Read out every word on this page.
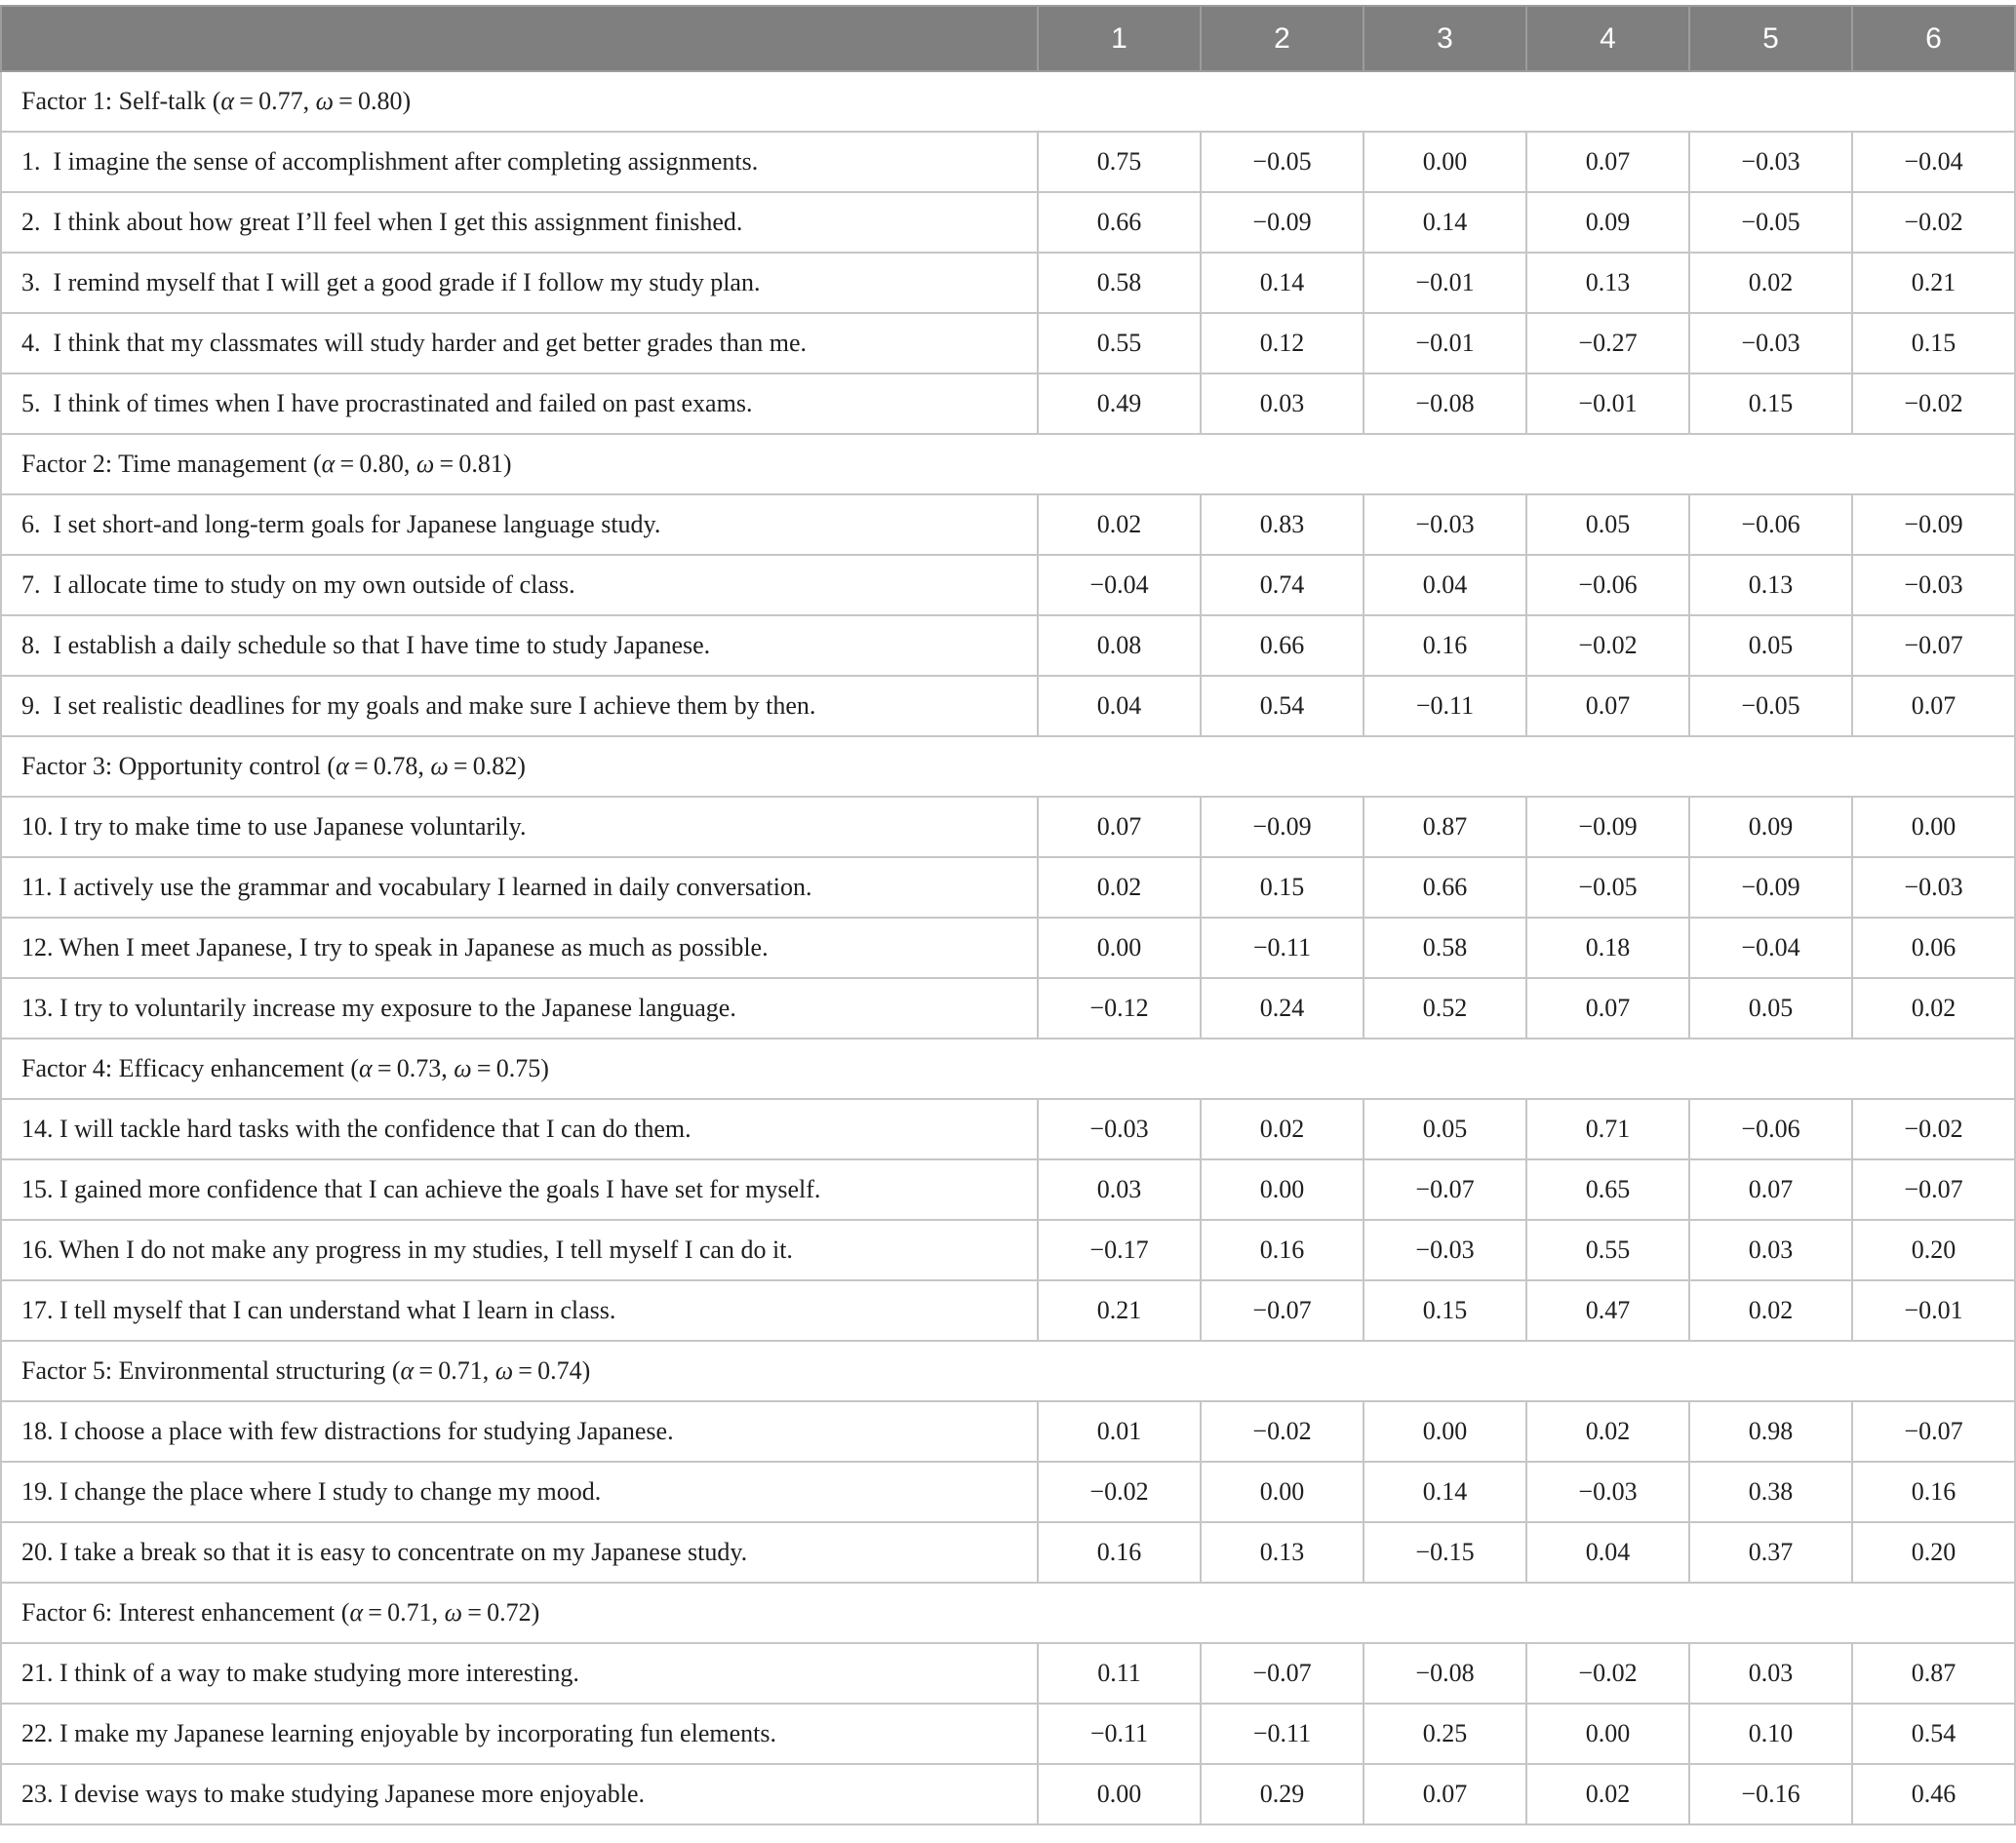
	1	2	3	4	5	6
Factor 1: Self-talk (α = 0.77, ω = 0.80)						
1.  I imagine the sense of accomplishment after completing assignments.	0.75	−0.05	0.00	0.07	−0.03	−0.04
2.  I think about how great I’ll feel when I get this assignment finished.	0.66	−0.09	0.14	0.09	−0.05	−0.02
3.  I remind myself that I will get a good grade if I follow my study plan.	0.58	0.14	−0.01	0.13	0.02	0.21
4.  I think that my classmates will study harder and get better grades than me.	0.55	0.12	−0.01	−0.27	−0.03	0.15
5.  I think of times when I have procrastinated and failed on past exams.	0.49	0.03	−0.08	−0.01	0.15	−0.02
Factor 2: Time management (α = 0.80, ω = 0.81)						
6.  I set short-and long-term goals for Japanese language study.	0.02	0.83	−0.03	0.05	−0.06	−0.09
7.  I allocate time to study on my own outside of class.	−0.04	0.74	0.04	−0.06	0.13	−0.03
8.  I establish a daily schedule so that I have time to study Japanese.	0.08	0.66	0.16	−0.02	0.05	−0.07
9.  I set realistic deadlines for my goals and make sure I achieve them by then.	0.04	0.54	−0.11	0.07	−0.05	0.07
Factor 3: Opportunity control (α = 0.78, ω = 0.82)						
10. I try to make time to use Japanese voluntarily.	0.07	−0.09	0.87	−0.09	0.09	0.00
11. I actively use the grammar and vocabulary I learned in daily conversation.	0.02	0.15	0.66	−0.05	−0.09	−0.03
12. When I meet Japanese, I try to speak in Japanese as much as possible.	0.00	−0.11	0.58	0.18	−0.04	0.06
13. I try to voluntarily increase my exposure to the Japanese language.	−0.12	0.24	0.52	0.07	0.05	0.02
Factor 4: Efficacy enhancement (α = 0.73, ω = 0.75)						
14. I will tackle hard tasks with the confidence that I can do them.	−0.03	0.02	0.05	0.71	−0.06	−0.02
15. I gained more confidence that I can achieve the goals I have set for myself.	0.03	0.00	−0.07	0.65	0.07	−0.07
16. When I do not make any progress in my studies, I tell myself I can do it.	−0.17	0.16	−0.03	0.55	0.03	0.20
17. I tell myself that I can understand what I learn in class.	0.21	−0.07	0.15	0.47	0.02	−0.01
Factor 5: Environmental structuring (α = 0.71, ω = 0.74)						
18. I choose a place with few distractions for studying Japanese.	0.01	−0.02	0.00	0.02	0.98	−0.07
19. I change the place where I study to change my mood.	−0.02	0.00	0.14	−0.03	0.38	0.16
20. I take a break so that it is easy to concentrate on my Japanese study.	0.16	0.13	−0.15	0.04	0.37	0.20
Factor 6: Interest enhancement (α = 0.71, ω = 0.72)						
21. I think of a way to make studying more interesting.	0.11	−0.07	−0.08	−0.02	0.03	0.87
22. I make my Japanese learning enjoyable by incorporating fun elements.	−0.11	−0.11	0.25	0.00	0.10	0.54
23. I devise ways to make studying Japanese more enjoyable.	0.00	0.29	0.07	0.02	−0.16	0.46
